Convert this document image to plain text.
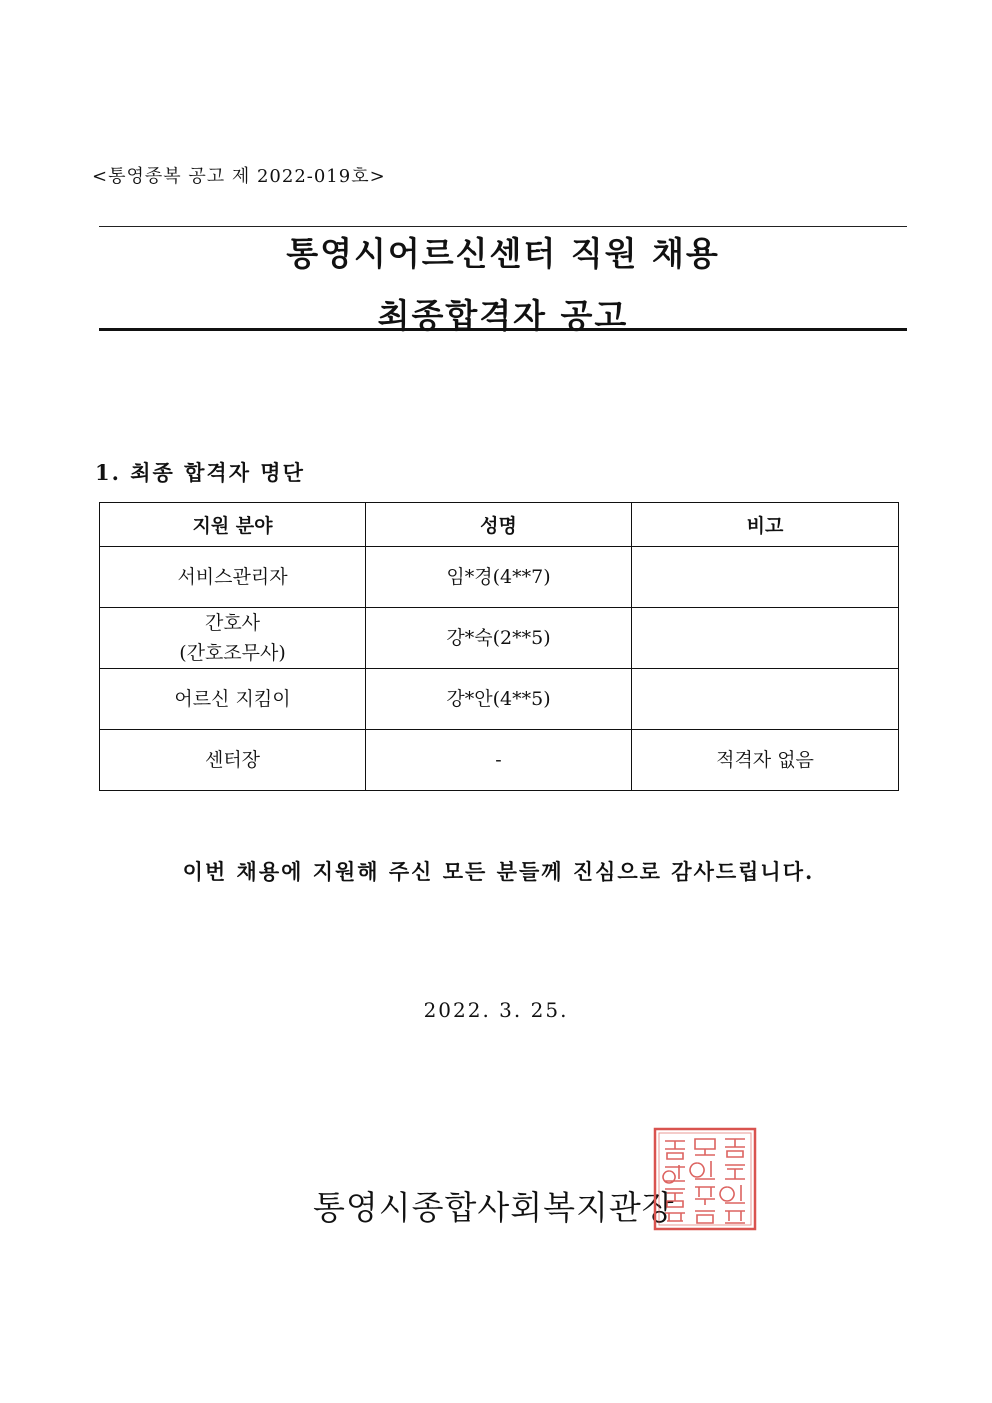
<통영종복 공고 제 2022-019호>
통영시어르신센터 직원 채용
최종합격자 공고
1. 최종 합격자 명단
지원 분야	성명	비고
서비스관리자	임*경(4**7)	

간호사
(간호조무사)	강*숙(2**5)	
어르신 지킴이	강*안(4**5)	
센터장	-	적격자 없음
이번 채용에 지원해 주신 모든 분들께 진심으로 감사드립니다.
2022. 3. 25.
통영시종합사회복지관장
